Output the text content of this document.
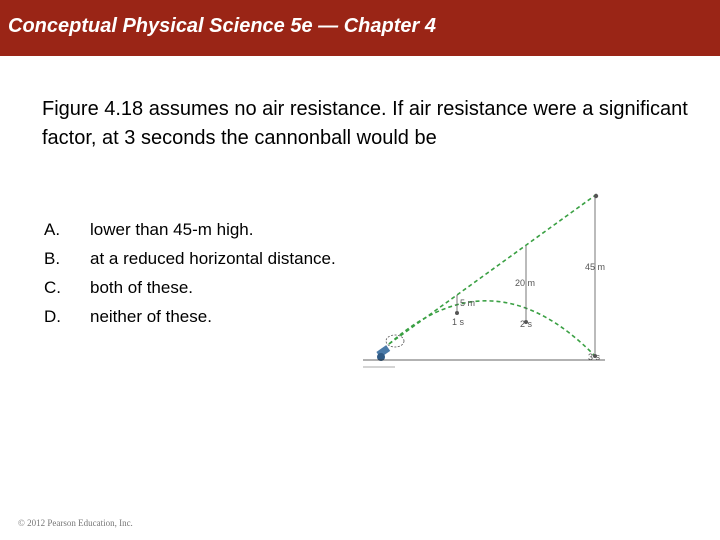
Conceptual Physical Science 5e — Chapter 4
Figure 4.18 assumes no air resistance. If air resistance were a significant factor, at 3 seconds the cannonball would be
A. lower than 45-m high.
B. at a reduced horizontal distance.
C. both of these.
D. neither of these.
45 m
20 m
5 m
1 s	2 s
3 s
© 2012 Pearson Education, Inc.
